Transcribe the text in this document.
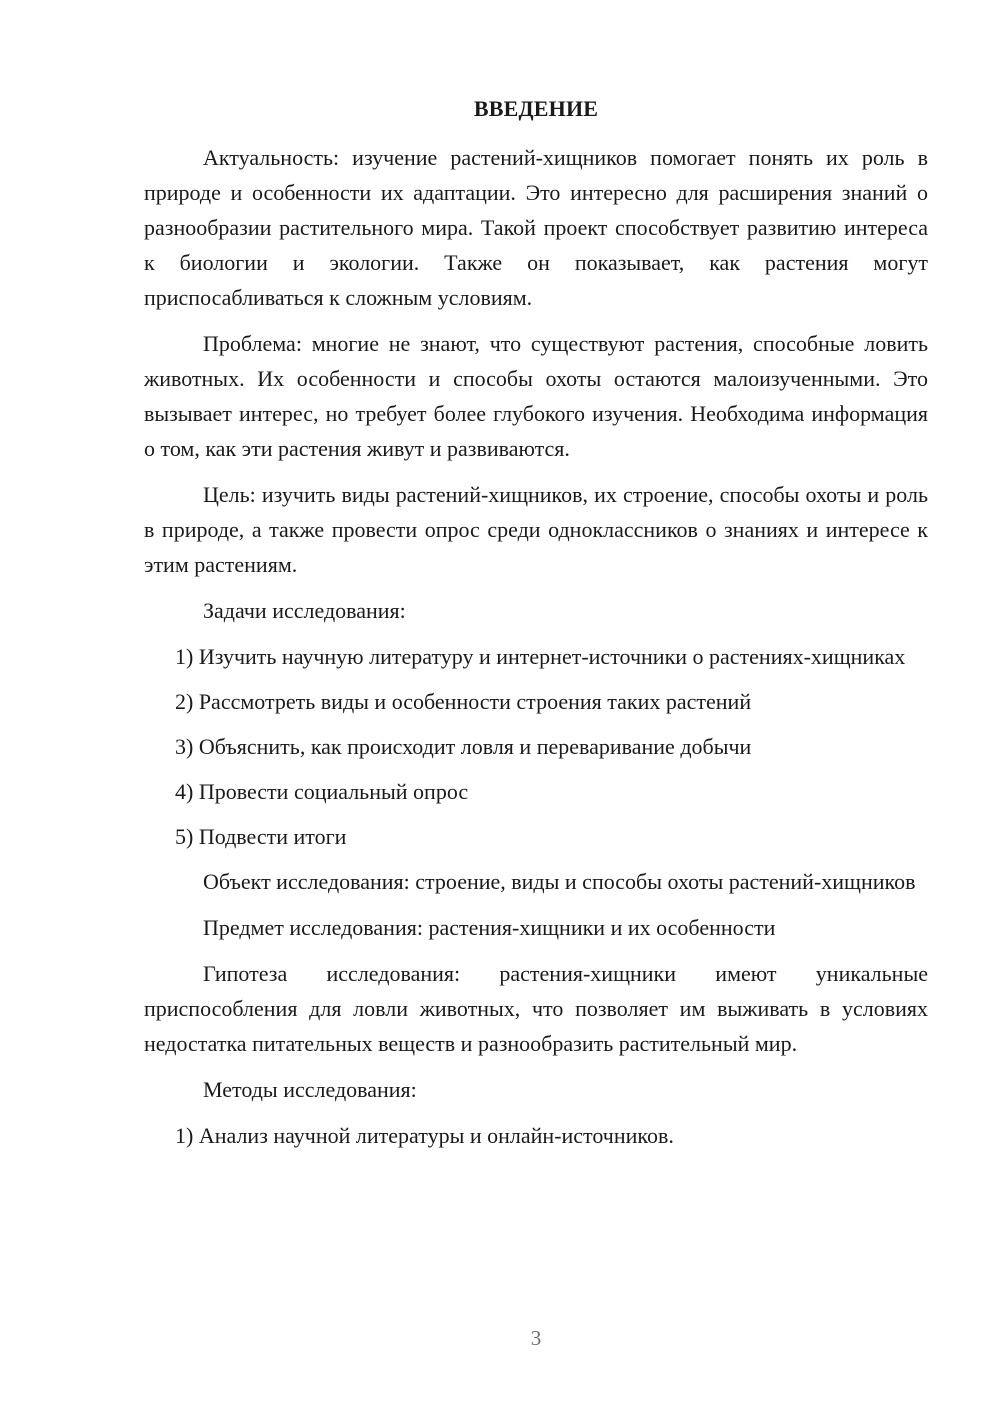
ВВЕДЕНИЕ

Актуальность: изучение растений-хищников помогает понять их роль в природе и особенности их адаптации. Это интересно для расширения знаний о разнообразии растительного мира. Такой проект способствует развитию интереса к биологии и экологии. Также он показывает, как растения могут приспосабливаться к сложным условиям.

Проблема: многие не знают, что существуют растения, способные ловить животных. Их особенности и способы охоты остаются малоизученными. Это вызывает интерес, но требует более глубокого изучения. Необходима информация о том, как эти растения живут и развиваются.

Цель: изучить виды растений-хищников, их строение, способы охоты и роль в природе, а также провести опрос среди одноклассников о знаниях и интересе к этим растениям.

Задачи исследования:

1) Изучить научную литературу и интернет-источники о растениях-хищниках

2) Рассмотреть виды и особенности строения таких растений

3) Объяснить, как происходит ловля и переваривание добычи

4) Провести социальный опрос

5) Подвести итоги

Объект исследования: строение, виды и способы охоты растений-хищников

Предмет исследования: растения-хищники и их особенности

Гипотеза исследования: растения-хищники имеют уникальные приспособления для ловли животных, что позволяет им выживать в условиях недостатка питательных веществ и разнообразить растительный мир.

Методы исследования:

1) Анализ научной литературы и онлайн-источников.

3
